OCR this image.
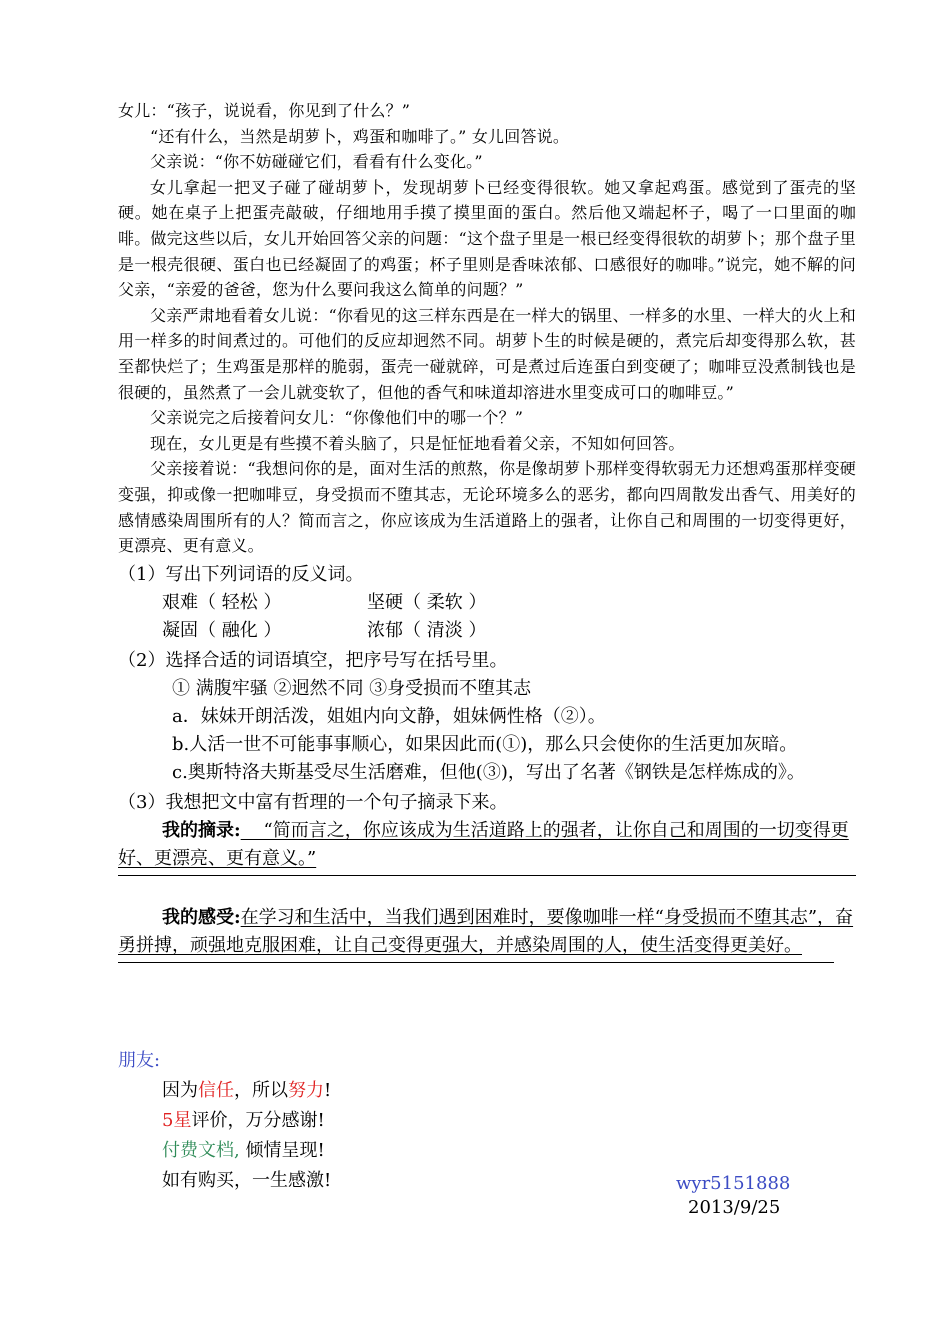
女儿：“孩子，说说看，你见到了什么？”

“还有什么，当然是胡萝卜，鸡蛋和咖啡了。” 女儿回答说。

父亲说：“你不妨碰碰它们，看看有什么变化。”

女儿拿起一把叉子碰了碰胡萝卜，发现胡萝卜已经变得很软。她又拿起鸡蛋。感觉到了蛋壳的坚硬。她在桌子上把蛋壳敲破，仔细地用手摸了摸里面的蛋白。然后他又端起杯子，喝了一口里面的咖啡。做完这些以后，女儿开始回答父亲的问题：“这个盘子里是一根已经变得很软的胡萝卜；那个盘子里是一根壳很硬、蛋白也已经凝固了的鸡蛋；杯子里则是香味浓郁、口感很好的咖啡。”说完，她不解的问父亲，“亲爱的爸爸，您为什么要问我这么简单的问题？”

父亲严肃地看着女儿说：“你看见的这三样东西是在一样大的锅里、一样多的水里、一样大的火上和用一样多的时间煮过的。可他们的反应却迥然不同。胡萝卜生的时候是硬的，煮完后却变得那么软，甚至都快烂了；生鸡蛋是那样的脆弱，蛋壳一碰就碎，可是煮过后连蛋白到变硬了；咖啡豆没煮制钱也是很硬的，虽然煮了一会儿就变软了，但他的香气和味道却溶进水里变成可口的咖啡豆。”

父亲说完之后接着问女儿：“你像他们中的哪一个？”

现在，女儿更是有些摸不着头脑了，只是怔怔地看着父亲，不知如何回答。

父亲接着说：“我想问你的是，面对生活的煎熬，你是像胡萝卜那样变得软弱无力还想鸡蛋那样变硬变强，抑或像一把咖啡豆，身受损而不堕其志，无论环境多么的恶劣，都向四周散发出香气、用美好的感情感染周围所有的人？简而言之，你应该成为生活道路上的强者，让你自己和周围的一切变得更好，更漂亮、更有意义。

（1）写出下列词语的反义词。

艰难（ 轻松 ）	坚硬（ 柔软 ）
凝固（ 融化 ）	浓郁（ 清淡 ）

（2）选择合适的词语填空，把序号写在括号里。

① 满腹牢骚 ②迥然不同 ③身受损而不堕其志

a．妹妹开朗活泼，姐姐内向文静，姐妹俩性格（②）。

b.人活一世不可能事事顺心，如果因此而(①)，那么只会使你的生活更加灰暗。

c.奥斯特洛夫斯基受尽生活磨难，但他(③)，写出了名著《钢铁是怎样炼成的》。

（3）我想把文中富有哲理的一个句子摘录下来。

我的摘录:    “简而言之，你应该成为生活道路上的强者，让你自己和周围的一切变得更好、更漂亮、更有意义。”

我的感受:在学习和生活中，当我们遇到困难时，要像咖啡一样“身受损而不堕其志”，奋勇拼搏，顽强地克服困难，让自己变得更强大，并感染周围的人，使生活变得更美好。

朋友:

因为信任，所以努力!

5星评价，万分感谢!

付费文档, 倾情呈现!

如有购买，一生感激!	wyr5151888
2013/9/25
